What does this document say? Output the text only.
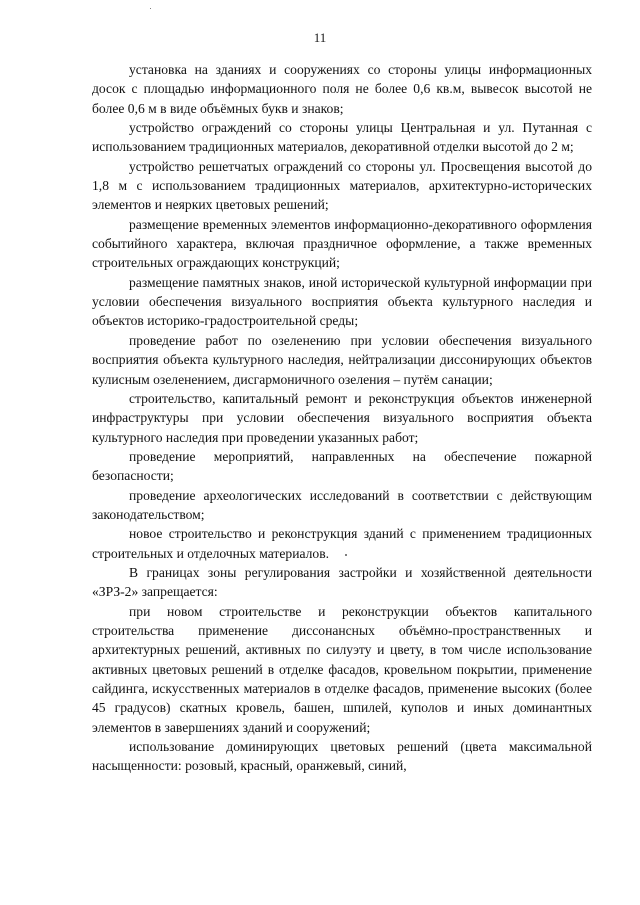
11

установка на зданиях и сооружениях со стороны улицы информационных досок с площадью информационного поля не более 0,6 кв.м, вывесок высотой не более 0,6 м в виде объёмных букв и знаков;

устройство ограждений со стороны улицы Центральная и ул. Путанная с использованием традиционных материалов, декоративной отделки высотой до 2 м;

устройство решетчатых ограждений со стороны ул. Просвещения высотой до 1,8 м с использованием традиционных материалов, архитектурно-исторических элементов и неярких цветовых решений;

размещение временных элементов информационно-декоративного оформления событийного характера, включая праздничное оформление, а также временных строительных ограждающих конструкций;

размещение памятных знаков, иной исторической культурной информации при условии обеспечения визуального восприятия объекта культурного наследия и объектов историко-градостроительной среды;

проведение работ по озеленению при условии обеспечения визуального восприятия объекта культурного наследия, нейтрализации диссонирующих объектов кулисным озеленением, дисгармоничного озеления – путём санации;

строительство, капитальный ремонт и реконструкция объектов инженерной инфраструктуры при условии обеспечения визуального восприятия объекта культурного наследия при проведении указанных работ;

проведение мероприятий, направленных на обеспечение пожарной безопасности;

проведение археологических исследований в соответствии с действующим законодательством;

новое строительство и реконструкция зданий с применением традиционных строительных и отделочных материалов.

В границах зоны регулирования застройки и хозяйственной деятельности «ЗРЗ-2» запрещается:

при новом строительстве и реконструкции объектов капитального строительства применение диссонансных объёмно-пространственных и архитектурных решений, активных по силуэту и цвету, в том числе использование активных цветовых решений в отделке фасадов, кровельном покрытии, применение сайдинга, искусственных материалов в отделке фасадов, применение высоких (более 45 градусов) скатных кровель, башен, шпилей, куполов и иных доминантных элементов в завершениях зданий и сооружений;

использование доминирующих цветовых решений (цвета максимальной насыщенности: розовый, красный, оранжевый, синий,
